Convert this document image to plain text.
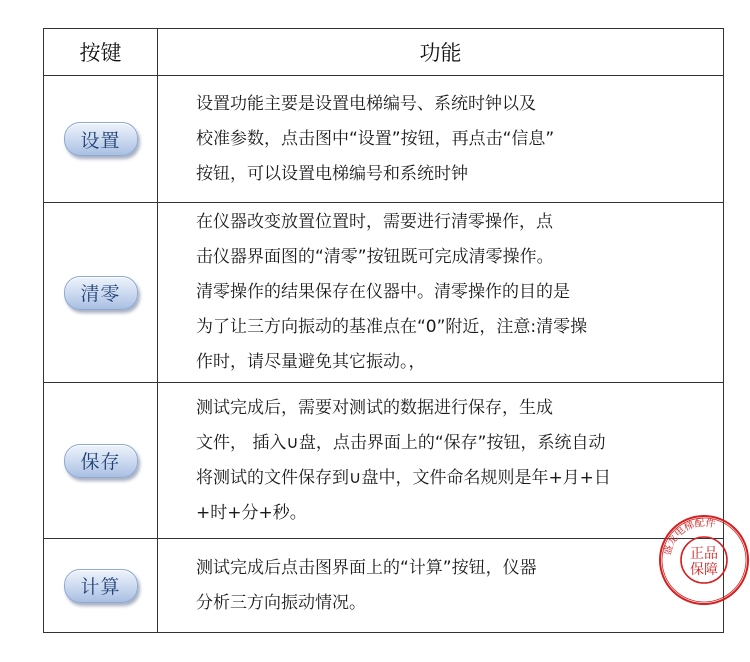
按键	功能
设置
设置功能主要是设置电梯编号、系统时钟以及
校准参数，点击图中“设置”按钮，再点击“信息”
按钮，可以设置电梯编号和系统时钟
清零
在仪器改变放置位置时，需要进行清零操作，点
击仪器界面图的“清零”按钮既可完成清零操作。
清零操作的结果保存在仪器中。清零操作的目的是
为了让三方向振动的基准点在“0”附近，注意:清零操
作时，请尽量避免其它振动。，
保存
测试完成后，需要对测试的数据进行保存，生成
文件， 插入∪盘，点击界面上的“保存”按钮，系统自动
将测试的文件保存到∪盘中，文件命名规则是年+月+日
+时+分+秒。
计算
测试完成后点击图界面上的“计算”按钮，仪器
分析三方向振动情况。
盛龙电梯配件
正品
保障
